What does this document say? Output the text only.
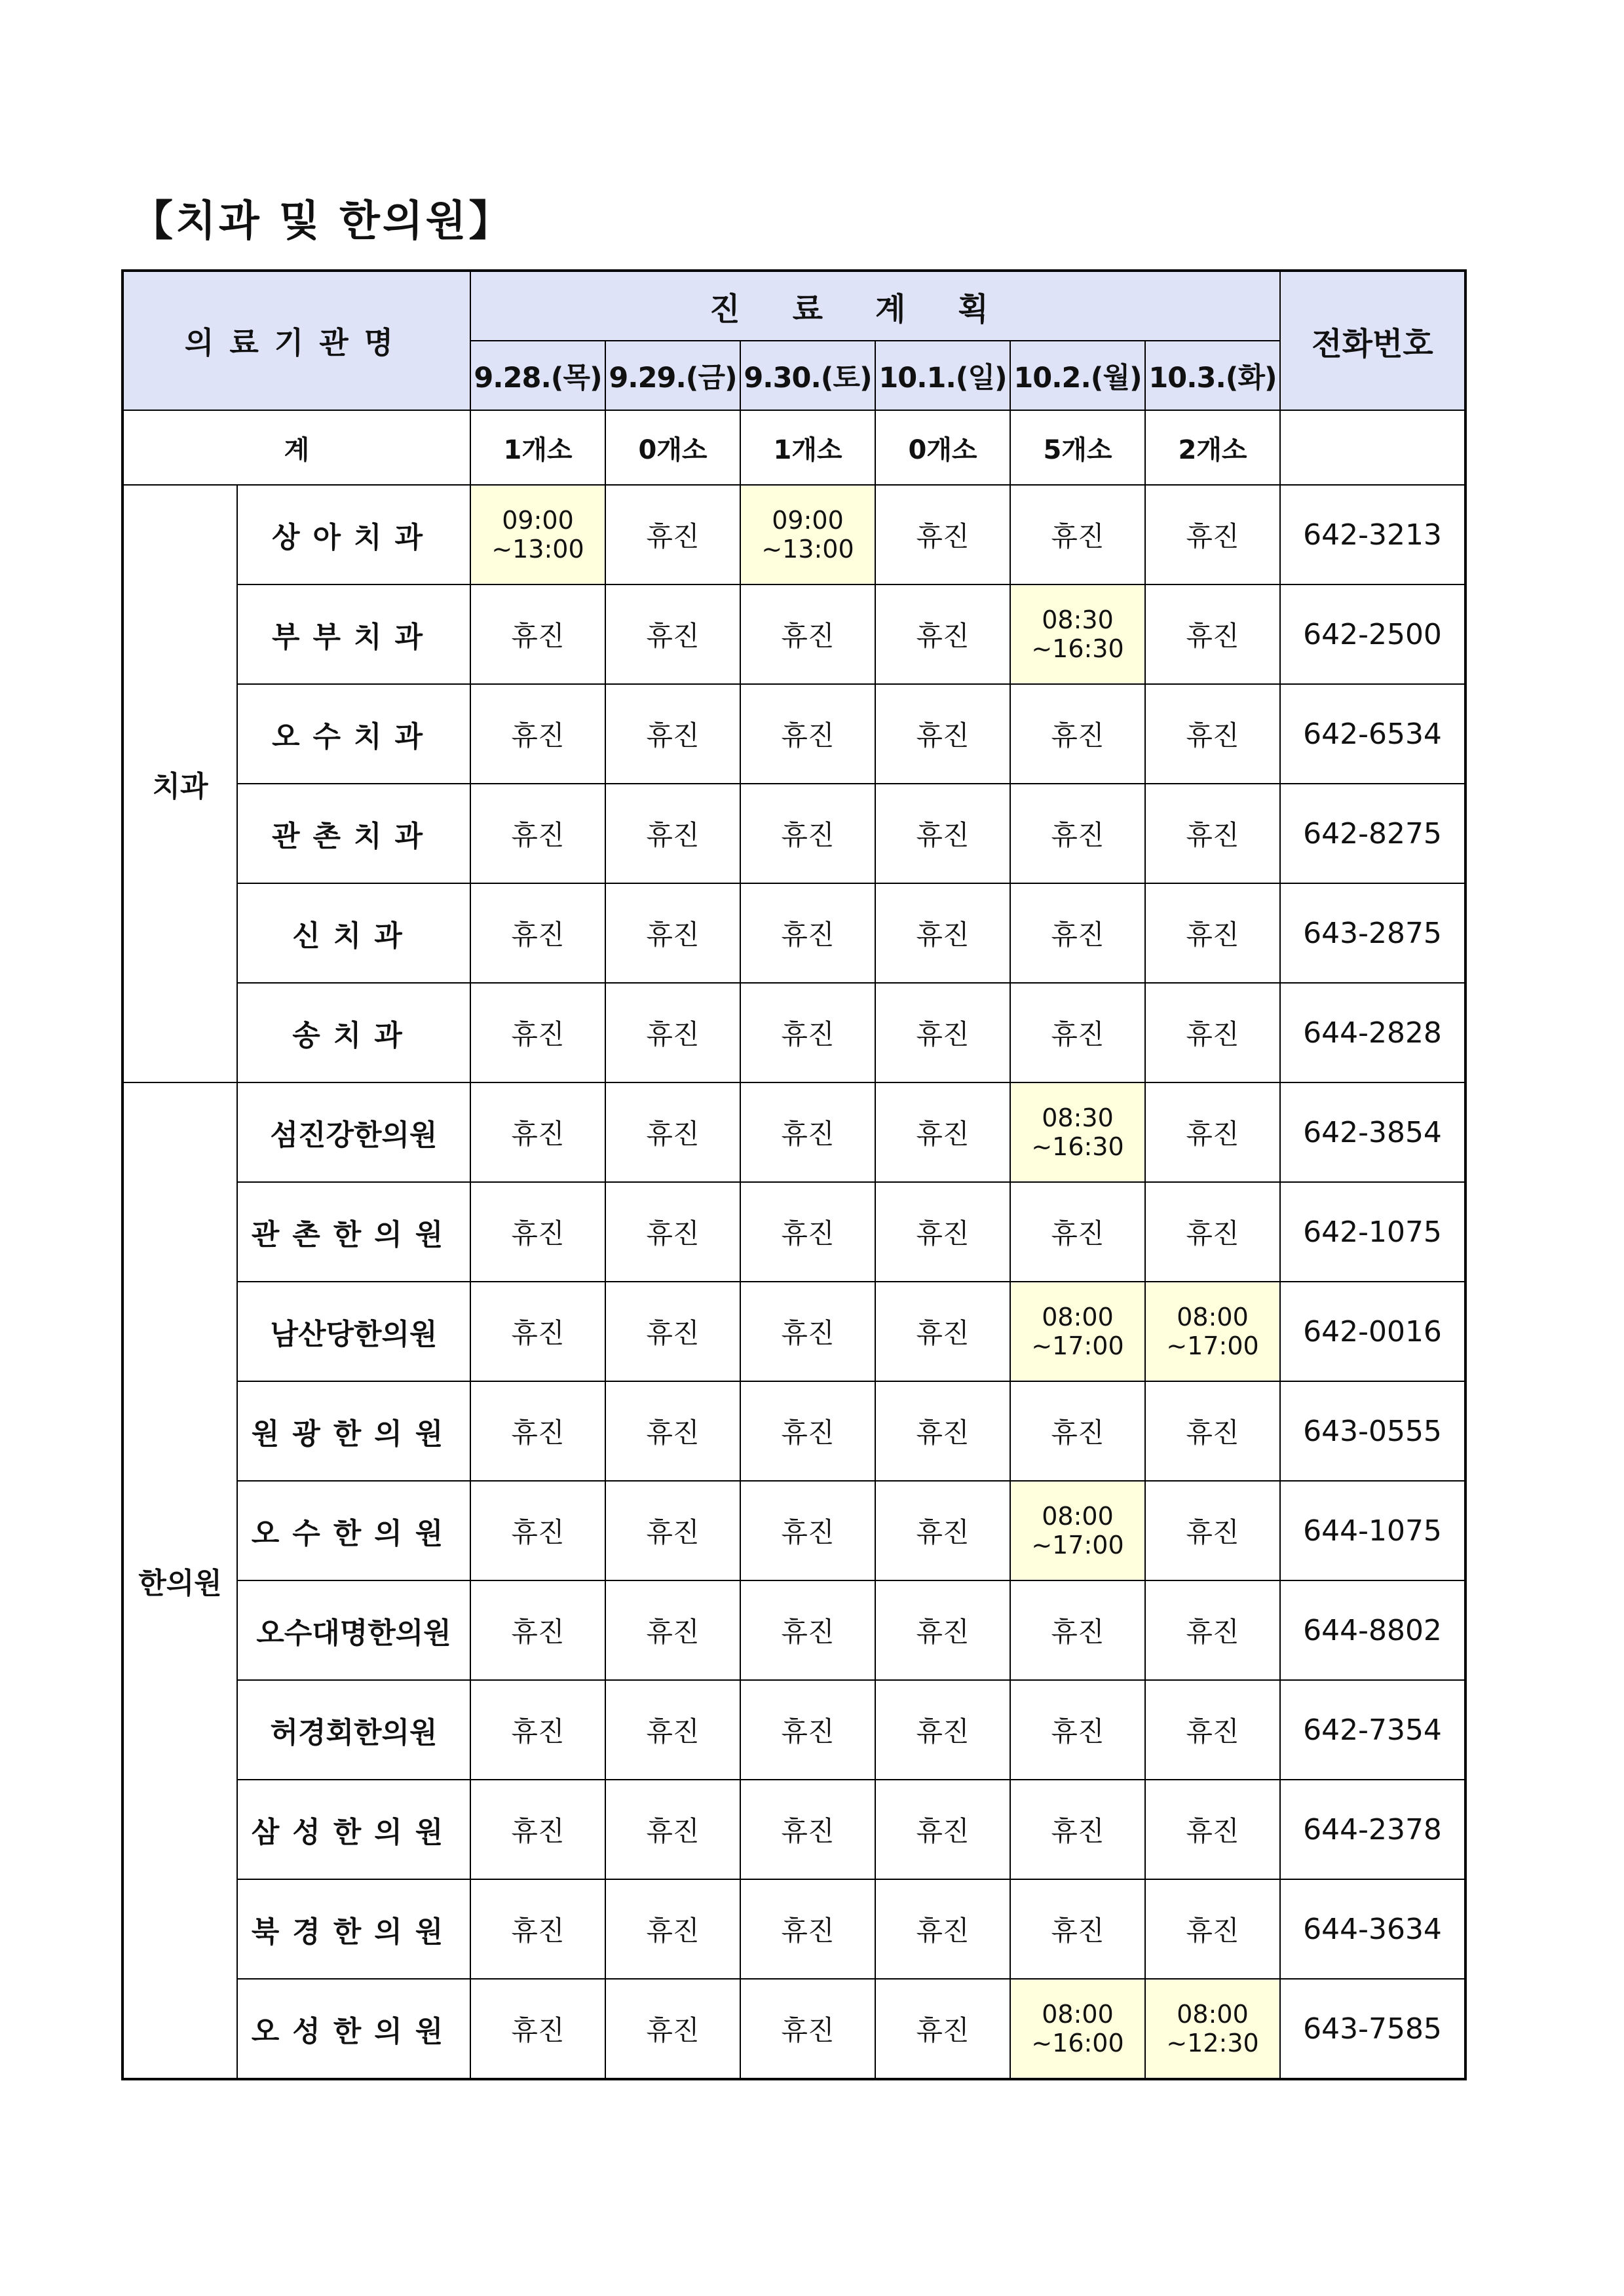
【치과 및 한의원】
의료기관명		진료계획						전화번호
		9.28.(목)	9.29.(금)	9.30.(토)	10.1.(일)	10.2.(월)	10.3.(화)	
계		1개소	0개소	1개소	0개소	5개소	2개소	
치과	상아치과	09:00
~13:00	휴진	09:00
~13:00	휴진	휴진	휴진	642-3213
	부부치과	휴진	휴진	휴진	휴진	08:30
~16:30	휴진	642-2500
	오수치과	휴진	휴진	휴진	휴진	휴진	휴진	642-6534
	관촌치과	휴진	휴진	휴진	휴진	휴진	휴진	642-8275
	신치과	휴진	휴진	휴진	휴진	휴진	휴진	643-2875
	송치과	휴진	휴진	휴진	휴진	휴진	휴진	644-2828
한의원	섬진강한의원	휴진	휴진	휴진	휴진	08:30
~16:30	휴진	642-3854
	관촌한의원	휴진	휴진	휴진	휴진	휴진	휴진	642-1075
	남산당한의원	휴진	휴진	휴진	휴진	08:00
~17:00	08:00
~17:00	642-0016
	원광한의원	휴진	휴진	휴진	휴진	휴진	휴진	643-0555
	오수한의원	휴진	휴진	휴진	휴진	08:00
~17:00	휴진	644-1075
	오수대명한의원	휴진	휴진	휴진	휴진	휴진	휴진	644-8802
	허경회한의원	휴진	휴진	휴진	휴진	휴진	휴진	642-7354
	삼성한의원	휴진	휴진	휴진	휴진	휴진	휴진	644-2378
	북경한의원	휴진	휴진	휴진	휴진	휴진	휴진	644-3634
	오성한의원	휴진	휴진	휴진	휴진	08:00
~16:00	08:00
~12:30	643-7585
